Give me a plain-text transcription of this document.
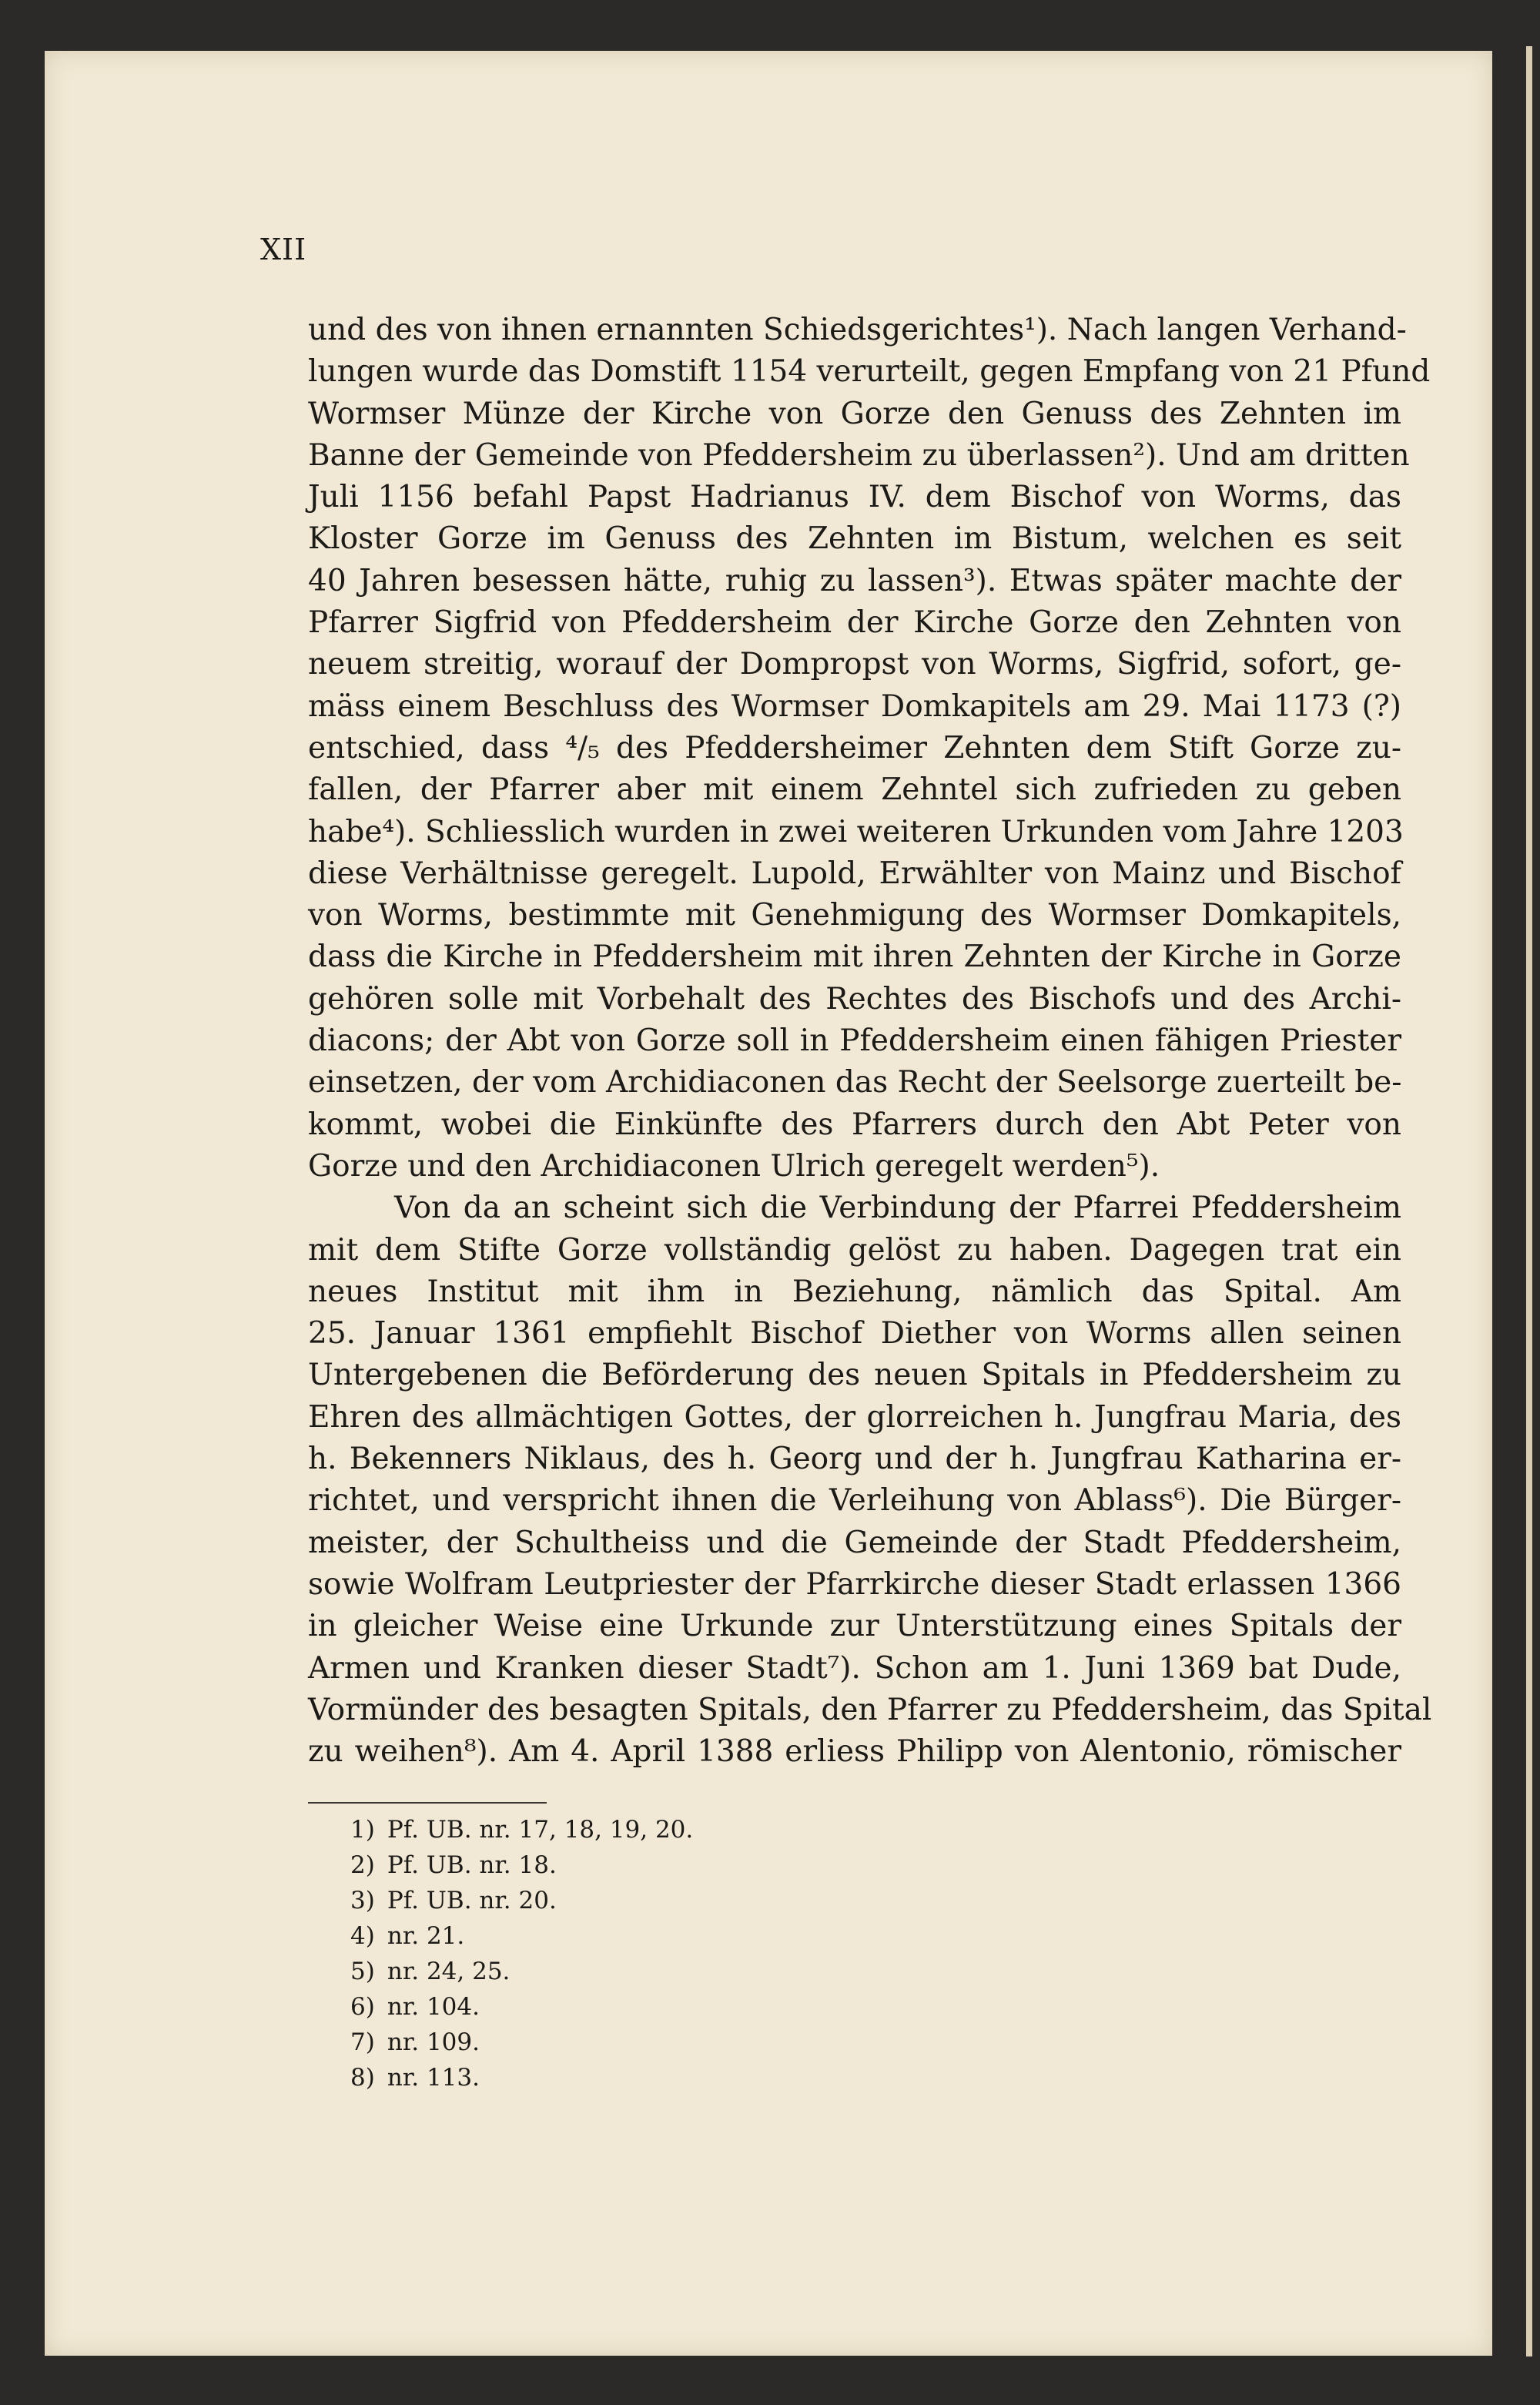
XII
und des von ihnen ernannten Schiedsgerichtes¹). Nach langen Verhand-
lungen wurde das Domstift 1154 verurteilt, gegen Empfang von 21 Pfund
Wormser Münze der Kirche von Gorze den Genuss des Zehnten im
Banne der Gemeinde von Pfeddersheim zu überlassen²). Und am dritten
Juli 1156 befahl Papst Hadrianus IV. dem Bischof von Worms, das
Kloster Gorze im Genuss des Zehnten im Bistum, welchen es seit
40 Jahren besessen hätte, ruhig zu lassen³). Etwas später machte der
Pfarrer Sigfrid von Pfeddersheim der Kirche Gorze den Zehnten von
neuem streitig, worauf der Dompropst von Worms, Sigfrid, sofort, ge-
mäss einem Beschluss des Wormser Domkapitels am 29. Mai 1173 (?)
entschied, dass ⁴/₅ des Pfeddersheimer Zehnten dem Stift Gorze zu-
fallen, der Pfarrer aber mit einem Zehntel sich zufrieden zu geben
habe⁴). Schliesslich wurden in zwei weiteren Urkunden vom Jahre 1203
diese Verhältnisse geregelt. Lupold, Erwählter von Mainz und Bischof
von Worms, bestimmte mit Genehmigung des Wormser Domkapitels,
dass die Kirche in Pfeddersheim mit ihren Zehnten der Kirche in Gorze
gehören solle mit Vorbehalt des Rechtes des Bischofs und des Archi-
diacons; der Abt von Gorze soll in Pfeddersheim einen fähigen Priester
einsetzen, der vom Archidiaconen das Recht der Seelsorge zuerteilt be-
kommt, wobei die Einkünfte des Pfarrers durch den Abt Peter von
Gorze und den Archidiaconen Ulrich geregelt werden⁵).
Von da an scheint sich die Verbindung der Pfarrei Pfeddersheim
mit dem Stifte Gorze vollständig gelöst zu haben. Dagegen trat ein
neues Institut mit ihm in Beziehung, nämlich das Spital. Am
25. Januar 1361 empfiehlt Bischof Diether von Worms allen seinen
Untergebenen die Beförderung des neuen Spitals in Pfeddersheim zu
Ehren des allmächtigen Gottes, der glorreichen h. Jungfrau Maria, des
h. Bekenners Niklaus, des h. Georg und der h. Jungfrau Katharina er-
richtet, und verspricht ihnen die Verleihung von Ablass⁶). Die Bürger-
meister, der Schultheiss und die Gemeinde der Stadt Pfeddersheim,
sowie Wolfram Leutpriester der Pfarrkirche dieser Stadt erlassen 1366
in gleicher Weise eine Urkunde zur Unterstützung eines Spitals der
Armen und Kranken dieser Stadt⁷). Schon am 1. Juni 1369 bat Dude,
Vormünder des besagten Spitals, den Pfarrer zu Pfeddersheim, das Spital
zu weihen⁸). Am 4. April 1388 erliess Philipp von Alentonio, römischer
1) Pf. UB. nr. 17, 18, 19, 20.
2) Pf. UB. nr. 18.
3) Pf. UB. nr. 20.
4) nr. 21.
5) nr. 24, 25.
6) nr. 104.
7) nr. 109.
8) nr. 113.
